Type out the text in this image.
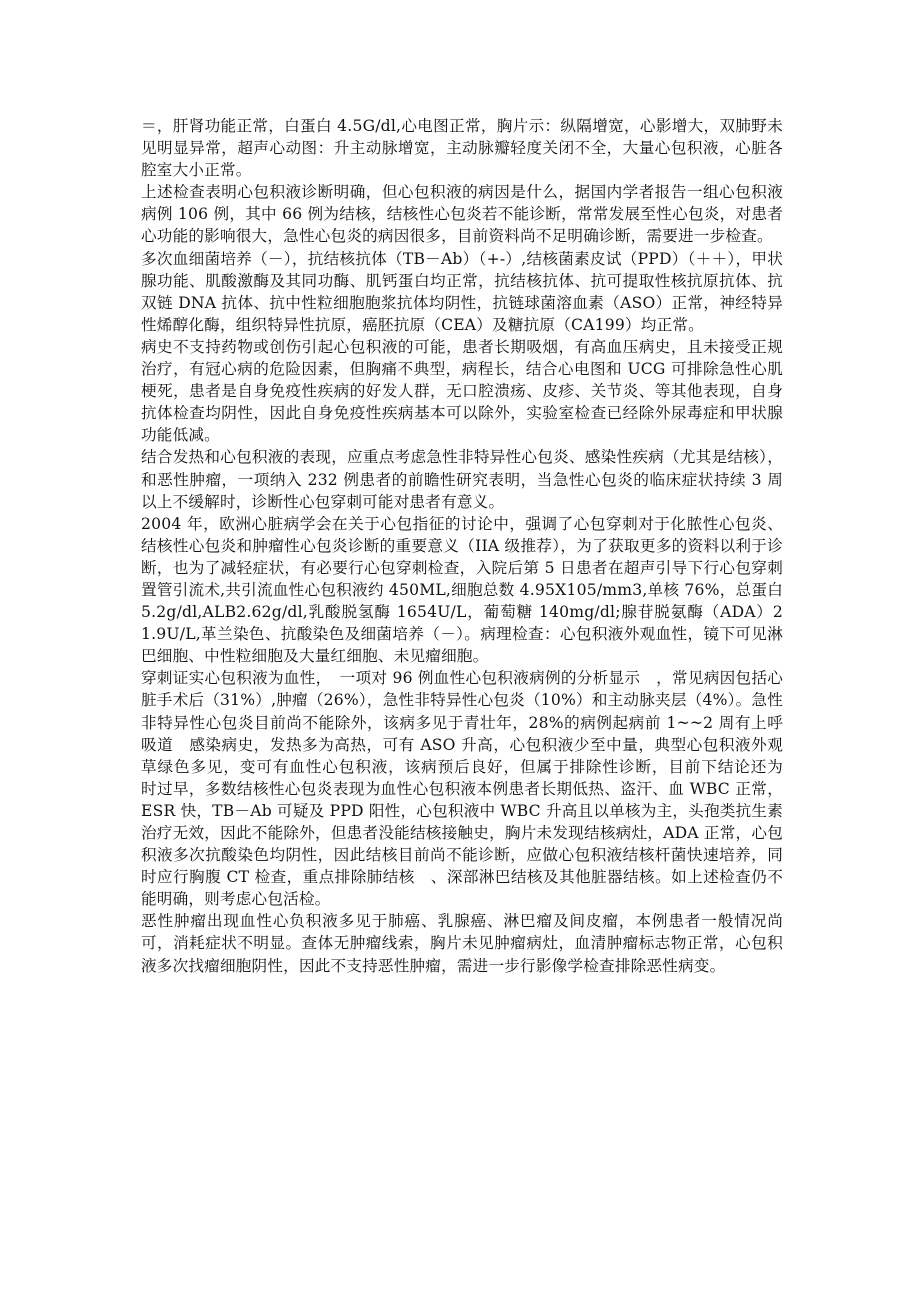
＝，肝肾功能正常，白蛋白 4.5G/dl,心电图正常，胸片示：纵隔增宽，心影增大，双肺野未见明显异常，超声心动图：升主动脉增宽，主动脉瓣轻度关闭不全，大量心包积液，心脏各腔室大小正常。

上述检查表明心包积液诊断明确，但心包积液的病因是什么，据国内学者报告一组心包积液病例 106 例，其中 66 例为结核，结核性心包炎若不能诊断，常常发展至性心包炎，对患者心功能的影响很大，急性心包炎的病因很多，目前资料尚不足明确诊断，需要进一步检查。

多次血细菌培养（－），抗结核抗体（TB－Ab）（+-）,结核菌素皮试（PPD）（＋＋），甲状腺功能、肌酸激酶及其同功酶、肌钙蛋白均正常，抗结核抗体、抗可提取性核抗原抗体、抗双链 DNA 抗体、抗中性粒细胞胞浆抗体均阴性，抗链球菌溶血素（ASO）正常，神经特异性烯醇化酶，组织特异性抗原，癌胚抗原（CEA）及糖抗原（CA199）均正常。

病史不支持药物或创伤引起心包积液的可能，患者长期吸烟，有高血压病史，且未接受正规治疗，有冠心病的危险因素，但胸痛不典型，病程长，结合心电图和 UCG 可排除急性心肌梗死，患者是自身免疫性疾病的好发人群，无口腔溃疡、皮疹、关节炎、等其他表现，自身抗体检查均阴性，因此自身免疫性疾病基本可以除外，实验室检查已经除外尿毒症和甲状腺功能低减。

结合发热和心包积液的表现，应重点考虑急性非特异性心包炎、感染性疾病（尤其是结核），和恶性肿瘤，一项纳入 232 例患者的前瞻性研究表明，当急性心包炎的临床症状持续 3 周以上不缓解时，诊断性心包穿刺可能对患者有意义。

2004 年，欧洲心脏病学会在关于心包指征的讨论中，强调了心包穿刺对于化脓性心包炎、结核性心包炎和肿瘤性心包炎诊断的重要意义（IIA 级推荐），为了获取更多的资料以利于诊断，也为了减轻症状，有必要行心包穿刺检查，入院后第 5 日患者在超声引导下行心包穿刺置管引流术,共引流血性心包积液约 450ML,细胞总数 4.95X105/mm3,单核 76%，总蛋白 5.2g/dl,ALB2.62g/dl,乳酸脱氢酶 1654U/L，葡萄糖 140mg/dl;腺苷脱氨酶（ADA）21.9U/L,革兰染色、抗酸染色及细菌培养（－）。病理检查：心包积液外观血性，镜下可见淋巴细胞、中性粒细胞及大量红细胞、未见瘤细胞。

穿刺证实心包积液为血性，　一项对 96 例血性心包积液病例的分析显示　，常见病因包括心脏手术后（31%）,肿瘤（26%），急性非特异性心包炎（10%）和主动脉夹层（4%）。急性非特异性心包炎目前尚不能除外，该病多见于青壮年，28%的病例起病前 1~~2 周有上呼吸道　感染病史，发热多为高热，可有 ASO 升高，心包积液少至中量，典型心包积液外观草绿色多见，变可有血性心包积液，该病预后良好，但属于排除性诊断，目前下结论还为　时过早，多数结核性心包炎表现为血性心包积液本例患者长期低热、盗汗、血 WBC 正常，ESR 快，TB－Ab 可疑及 PPD 阳性，心包积液中 WBC 升高且以单核为主，头孢类抗生素治疗无效，因此不能除外，但患者没能结核接触史，胸片未发现结核病灶，ADA 正常，心包积液多次抗酸染色均阴性，因此结核目前尚不能诊断，应做心包积液结核杆菌快速培养，同时应行胸腹 CT 检查，重点排除肺结核　、深部淋巴结核及其他脏器结核。如上述检查仍不能明确，则考虑心包活检。

恶性肿瘤出现血性心负积液多见于肺癌、乳腺癌、淋巴瘤及间皮瘤，本例患者一般情况尚可，消耗症状不明显。查体无肿瘤线索，胸片未见肿瘤病灶，血清肿瘤标志物正常，心包积液多次找瘤细胞阴性，因此不支持恶性肿瘤，需进一步行影像学检查排除恶性病变。
